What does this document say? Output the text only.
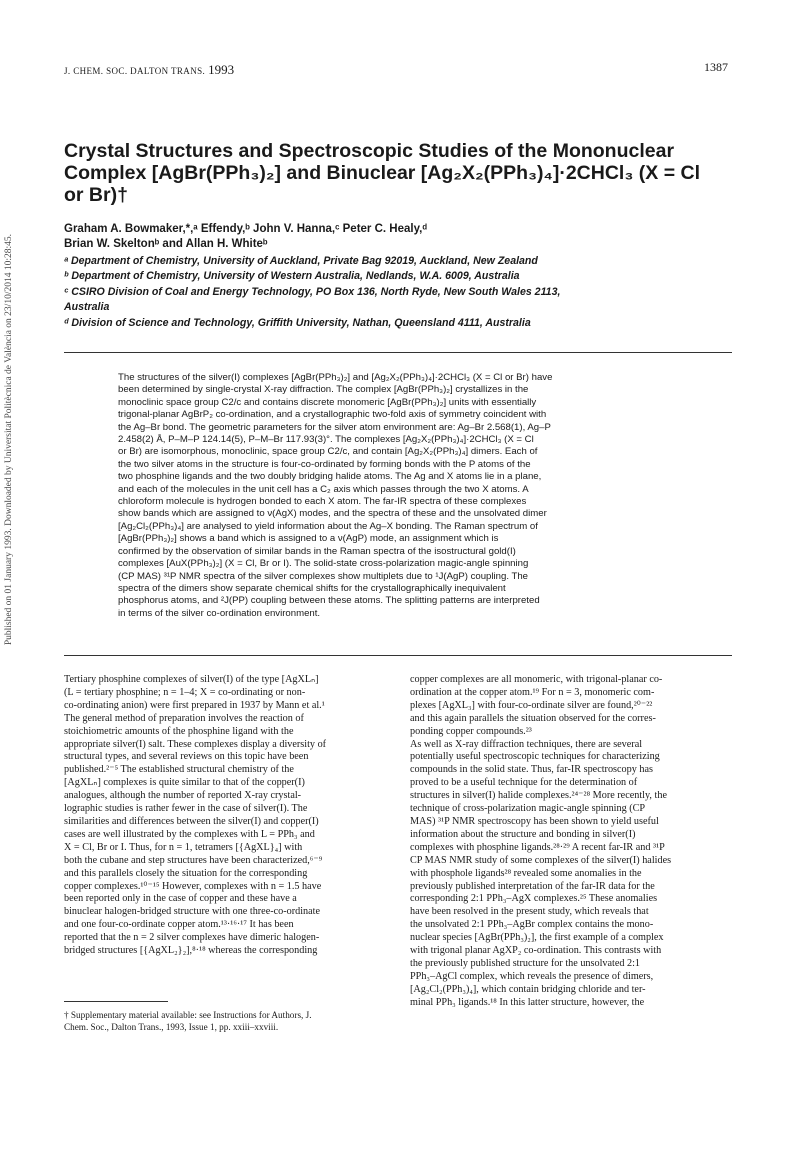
Published on 01 January 1993. Downloaded by Universitat Politècnica de València on 23/10/2014 10:28:45.
J. CHEM. SOC. DALTON TRANS. 1993	1387
Crystal Structures and Spectroscopic Studies of the Mononuclear Complex [AgBr(PPh₃)₂] and Binuclear [Ag₂X₂(PPh₃)₄]·2CHCl₃ (X = Cl or Br)†
Graham A. Bowmaker,*,ᵃ Effendy,ᵇ John V. Hanna,ᶜ Peter C. Healy,ᵈ
Brian W. Skeltonᵇ and Allan H. Whiteᵇ
ᵃ Department of Chemistry, University of Auckland, Private Bag 92019, Auckland, New Zealand
ᵇ Department of Chemistry, University of Western Australia, Nedlands, W.A. 6009, Australia
ᶜ CSIRO Division of Coal and Energy Technology, PO Box 136, North Ryde, New South Wales 2113,
Australia
ᵈ Division of Science and Technology, Griffith University, Nathan, Queensland 4111, Australia

The structures of the silver(I) complexes [AgBr(PPh₃)₂] and [Ag₂X₂(PPh₃)₄]·2CHCl₃ (X = Cl or Br) have
been determined by single-crystal X-ray diffraction. The complex [AgBr(PPh₃)₂] crystallizes in the
monoclinic space group C2/c and contains discrete monomeric [AgBr(PPh₃)₂] units with essentially
trigonal-planar AgBrP₂ co-ordination, and a crystallographic two-fold axis of symmetry coincident with
the Ag–Br bond. The geometric parameters for the silver atom environment are: Ag–Br 2.568(1), Ag–P
2.458(2) Å, P–M–P 124.14(5), P–M–Br 117.93(3)°. The complexes [Ag₂X₂(PPh₃)₄]·2CHCl₃ (X = Cl
or Br) are isomorphous, monoclinic, space group C2/c, and contain [Ag₂X₂(PPh₃)₄] dimers. Each of
the two silver atoms in the structure is four-co-ordinated by forming bonds with the P atoms of the
two phosphine ligands and the two doubly bridging halide atoms. The Ag and X atoms lie in a plane,
and each of the molecules in the unit cell has a C₂ axis which passes through the two X atoms. A
chloroform molecule is hydrogen bonded to each X atom. The far-IR spectra of these complexes
show bands which are assigned to ν(AgX) modes, and the spectra of these and the unsolvated dimer
[Ag₂Cl₂(PPh₃)₄] are analysed to yield information about the Ag–X bonding. The Raman spectrum of
[AgBr(PPh₃)₂] shows a band which is assigned to a ν(AgP) mode, an assignment which is
confirmed by the observation of similar bands in the Raman spectra of the isostructural gold(I)
complexes [AuX(PPh₃)₂] (X = Cl, Br or I). The solid-state cross-polarization magic-angle spinning
(CP MAS) ³¹P NMR spectra of the silver complexes show multiplets due to ¹J(AgP) coupling. The
spectra of the dimers show separate chemical shifts for the crystallographically inequivalent
phosphorus atoms, and ²J(PP) coupling between these atoms. The splitting patterns are interpreted
in terms of the silver co-ordination environment.

Tertiary phosphine complexes of silver(I) of the type [AgXLₙ]
(L = tertiary phosphine; n = 1–4; X = co-ordinating or non-
co-ordinating anion) were first prepared in 1937 by Mann et al.¹
The general method of preparation involves the reaction of
stoichiometric amounts of the phosphine ligand with the
appropriate silver(I) salt. These complexes display a diversity of
structural types, and several reviews on this topic have been
published.²⁻⁵ The established structural chemistry of the
[AgXLₙ] complexes is quite similar to that of the copper(I)
analogues, although the number of reported X-ray crystal-
lographic studies is rather fewer in the case of silver(I). The
similarities and differences between the silver(I) and copper(I)
cases are well illustrated by the complexes with L = PPh₃ and
X = Cl, Br or I. Thus, for n = 1, tetramers [{AgXL}₄] with
both the cubane and step structures have been characterized,⁶⁻⁹
and this parallels closely the situation for the corresponding
copper complexes.¹⁰⁻¹⁵ However, complexes with n = 1.5 have
been reported only in the case of copper and these have a
binuclear halogen-bridged structure with one three-co-ordinate
and one four-co-ordinate copper atom.¹³·¹⁶·¹⁷ It has been
reported that the n = 2 silver complexes have dimeric halogen-
bridged structures [{AgXL₂}₂],⁸·¹⁸ whereas the corresponding

copper complexes are all monomeric, with trigonal-planar co-
ordination at the copper atom.¹⁹ For n = 3, monomeric com-
plexes [AgXL₃] with four-co-ordinate silver are found,²⁰⁻²²
and this again parallels the situation observed for the corres-
ponding copper compounds.²³
As well as X-ray diffraction techniques, there are several
potentially useful spectroscopic techniques for characterizing
compounds in the solid state. Thus, far-IR spectroscopy has
proved to be a useful technique for the determination of
structures in silver(I) halide complexes.²⁴⁻²⁸ More recently, the
technique of cross-polarization magic-angle spinning (CP
MAS) ³¹P NMR spectroscopy has been shown to yield useful
information about the structure and bonding in silver(I)
complexes with phosphine ligands.²⁸·²⁹ A recent far-IR and ³¹P
CP MAS NMR study of some complexes of the silver(I) halides
with phospholе ligands²⁸ revealed some anomalies in the
previously published interpretation of the far-IR data for the
corresponding 2:1 PPh₃–AgX complexes.²⁵ These anomalies
have been resolved in the present study, which reveals that
the unsolvated 2:1 PPh₃–AgBr complex contains the mono-
nuclear species [AgBr(PPh₃)₂], the first example of a complex
with trigonal planar AgXP₂ co-ordination. This contrasts with
the previously published structure for the unsolvated 2:1
PPh₃–AgCl complex, which reveals the presence of dimers,
[Ag₂Cl₂(PPh₃)₄], which contain bridging chloride and ter-
minal PPh₃ ligands.¹⁸ In this latter structure, however, the

† Supplementary material available: see Instructions for Authors, J.
Chem. Soc., Dalton Trans., 1993, Issue 1, pp. xxiii–xxviii.
